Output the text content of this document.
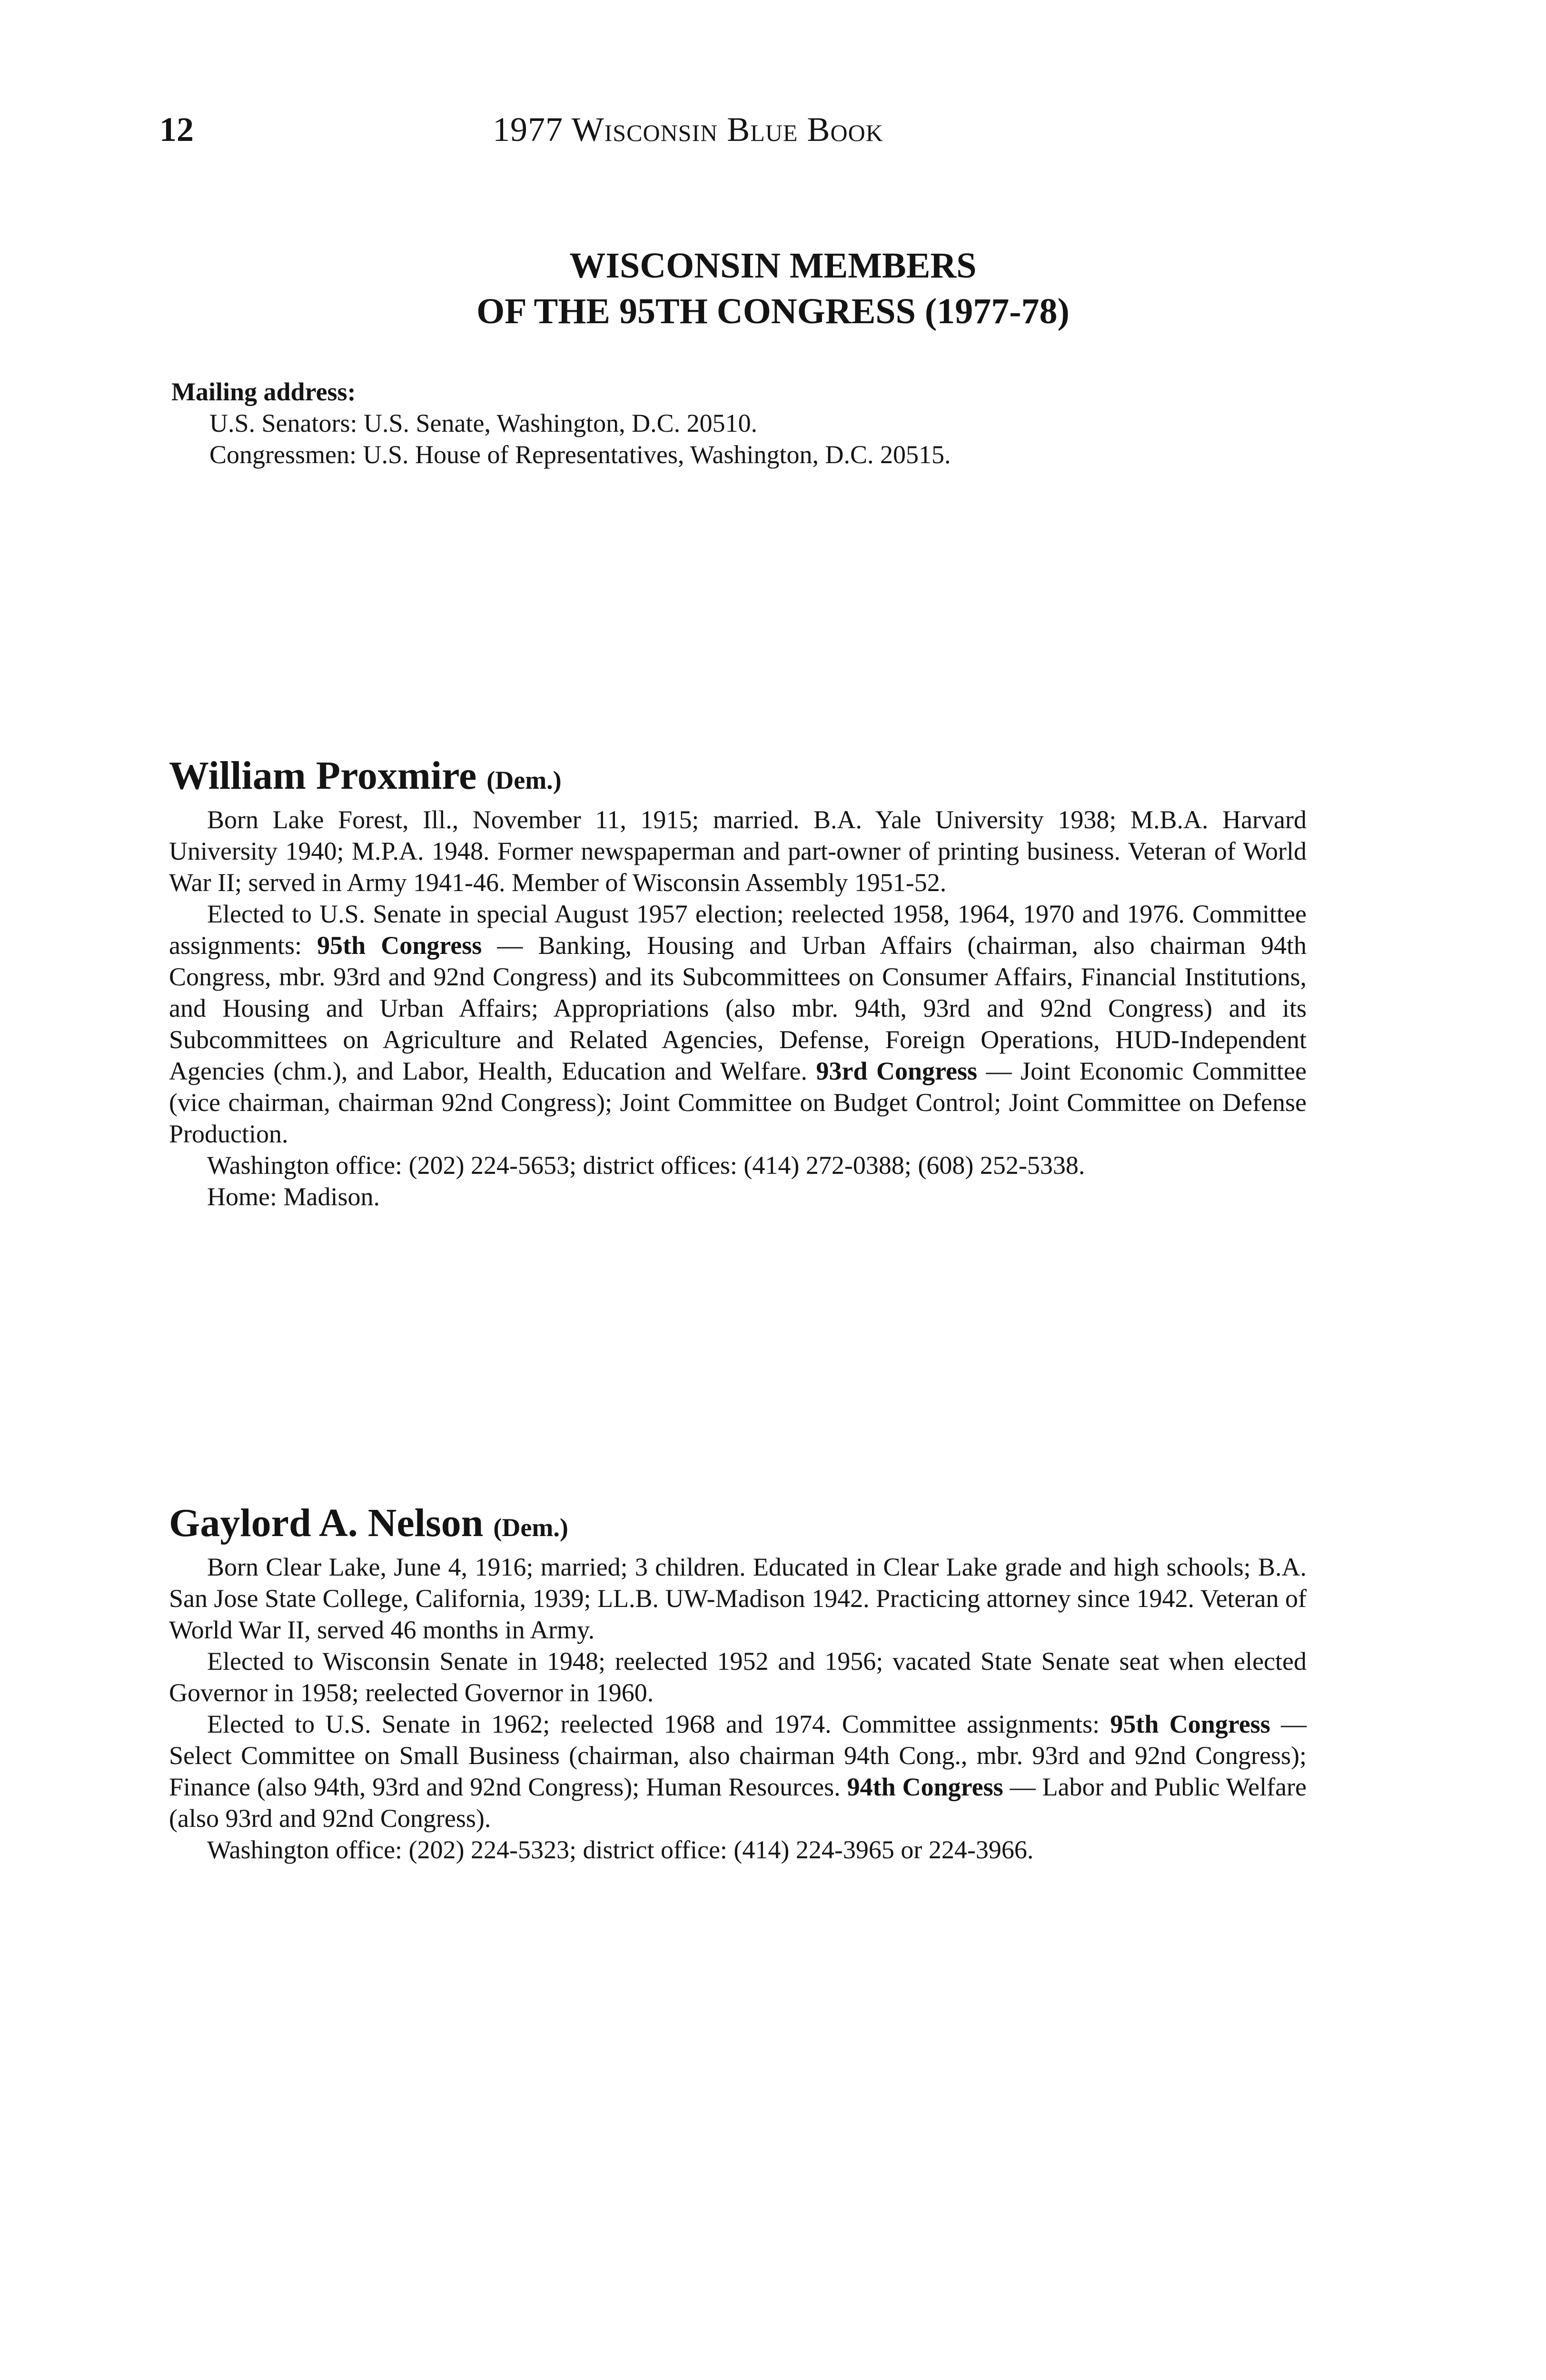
12	1977 Wisconsin Blue Book
WISCONSIN MEMBERS
OF THE 95TH CONGRESS (1977-78)
Mailing address:
U.S. Senators: U.S. Senate, Washington, D.C. 20510.
Congressmen: U.S. House of Representatives, Washington, D.C. 20515.
William Proxmire (Dem.)

Born Lake Forest, Ill., November 11, 1915; married. B.A. Yale University 1938; M.B.A. Harvard University 1940; M.P.A. 1948. Former newspaperman and part-owner of printing business. Veteran of World War II; served in Army 1941-46. Member of Wisconsin Assembly 1951-52.

Elected to U.S. Senate in special August 1957 election; reelected 1958, 1964, 1970 and 1976. Committee assignments: 95th Congress — Banking, Housing and Urban Affairs (chairman, also chairman 94th Congress, mbr. 93rd and 92nd Congress) and its Subcommittees on Consumer Affairs, Financial Institutions, and Housing and Urban Affairs; Appropriations (also mbr. 94th, 93rd and 92nd Congress) and its Subcommittees on Agriculture and Related Agencies, Defense, Foreign Operations, HUD-Independent Agencies (chm.), and Labor, Health, Education and Welfare. 93rd Congress — Joint Economic Committee (vice chairman, chairman 92nd Congress); Joint Committee on Budget Control; Joint Committee on Defense Production.

Washington office: (202) 224-5653; district offices: (414) 272-0388; (608) 252-5338.

Home: Madison.

Gaylord A. Nelson (Dem.)

Born Clear Lake, June 4, 1916; married; 3 children. Educated in Clear Lake grade and high schools; B.A. San Jose State College, California, 1939; LL.B. UW-Madison 1942. Practicing attorney since 1942. Veteran of World War II, served 46 months in Army.

Elected to Wisconsin Senate in 1948; reelected 1952 and 1956; vacated State Senate seat when elected Governor in 1958; reelected Governor in 1960.

Elected to U.S. Senate in 1962; reelected 1968 and 1974. Committee assignments: 95th Congress — Select Committee on Small Business (chairman, also chairman 94th Cong., mbr. 93rd and 92nd Congress); Finance (also 94th, 93rd and 92nd Congress); Human Resources. 94th Congress — Labor and Public Welfare (also 93rd and 92nd Congress).

Washington office: (202) 224-5323; district office: (414) 224-3965 or 224-3966.
